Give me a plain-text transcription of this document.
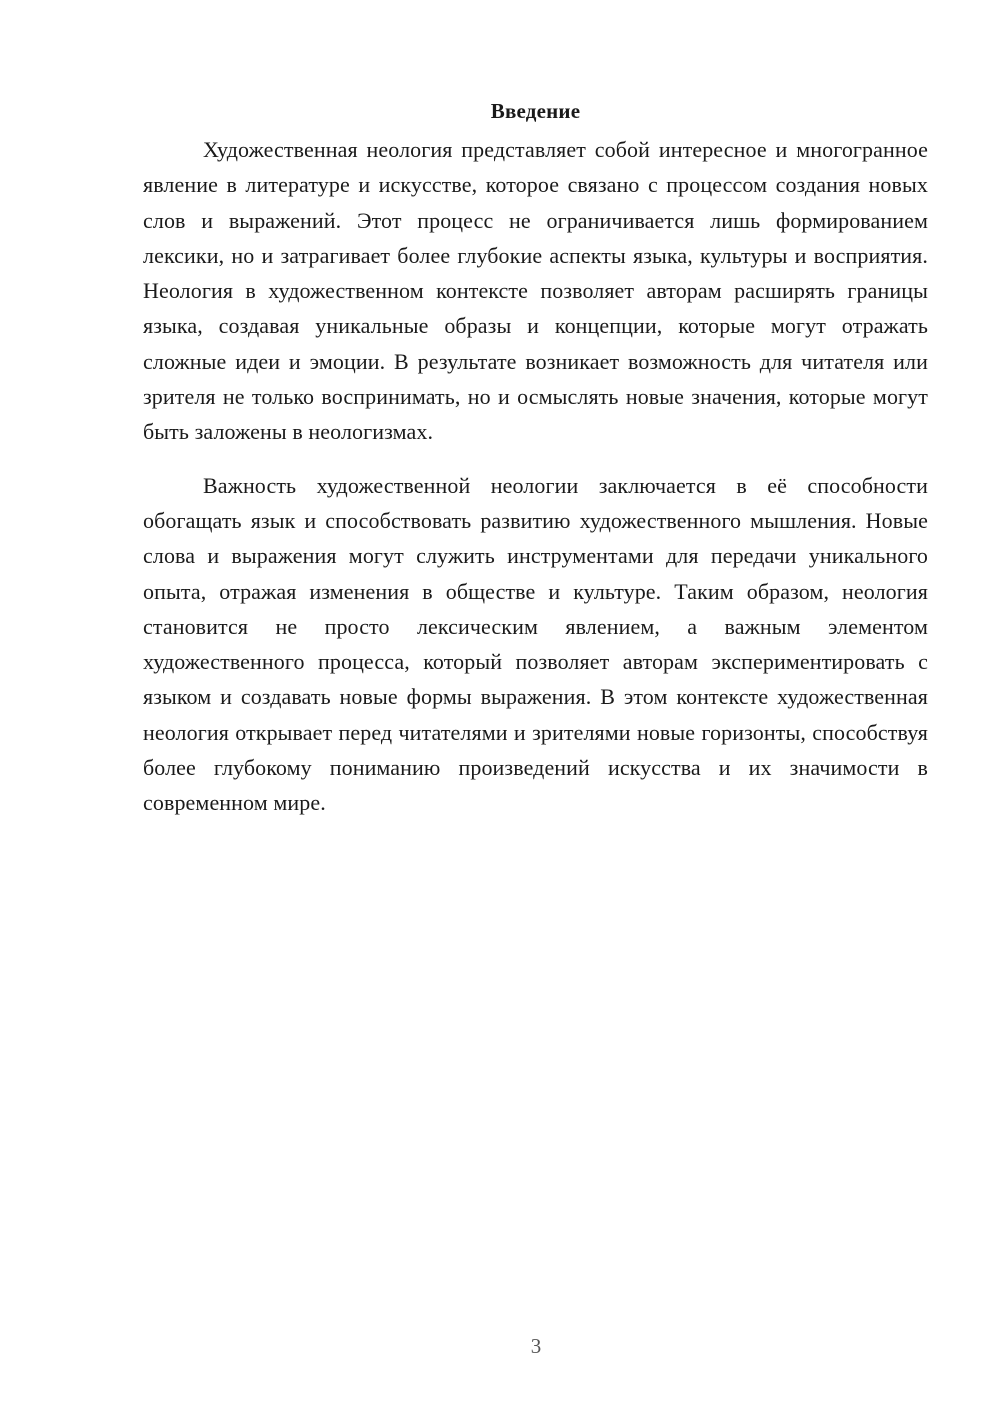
Введение

Художественная неология представляет собой интересное и многогранное явление в литературе и искусстве, которое связано с процессом создания новых слов и выражений. Этот процесс не ограничивается лишь формированием лексики, но и затрагивает более глубокие аспекты языка, культуры и восприятия. Неология в художественном контексте позволяет авторам расширять границы языка, создавая уникальные образы и концепции, которые могут отражать сложные идеи и эмоции. В результате возникает возможность для читателя или зрителя не только воспринимать, но и осмыслять новые значения, которые могут быть заложены в неологизмах.

Важность художественной неологии заключается в её способности обогащать язык и способствовать развитию художественного мышления. Новые слова и выражения могут служить инструментами для передачи уникального опыта, отражая изменения в обществе и культуре. Таким образом, неология становится не просто лексическим явлением, а важным элементом художественного процесса, который позволяет авторам экспериментировать с языком и создавать новые формы выражения. В этом контексте художественная неология открывает перед читателями и зрителями новые горизонты, способствуя более глубокому пониманию произведений искусства и их значимости в современном мире.

3
